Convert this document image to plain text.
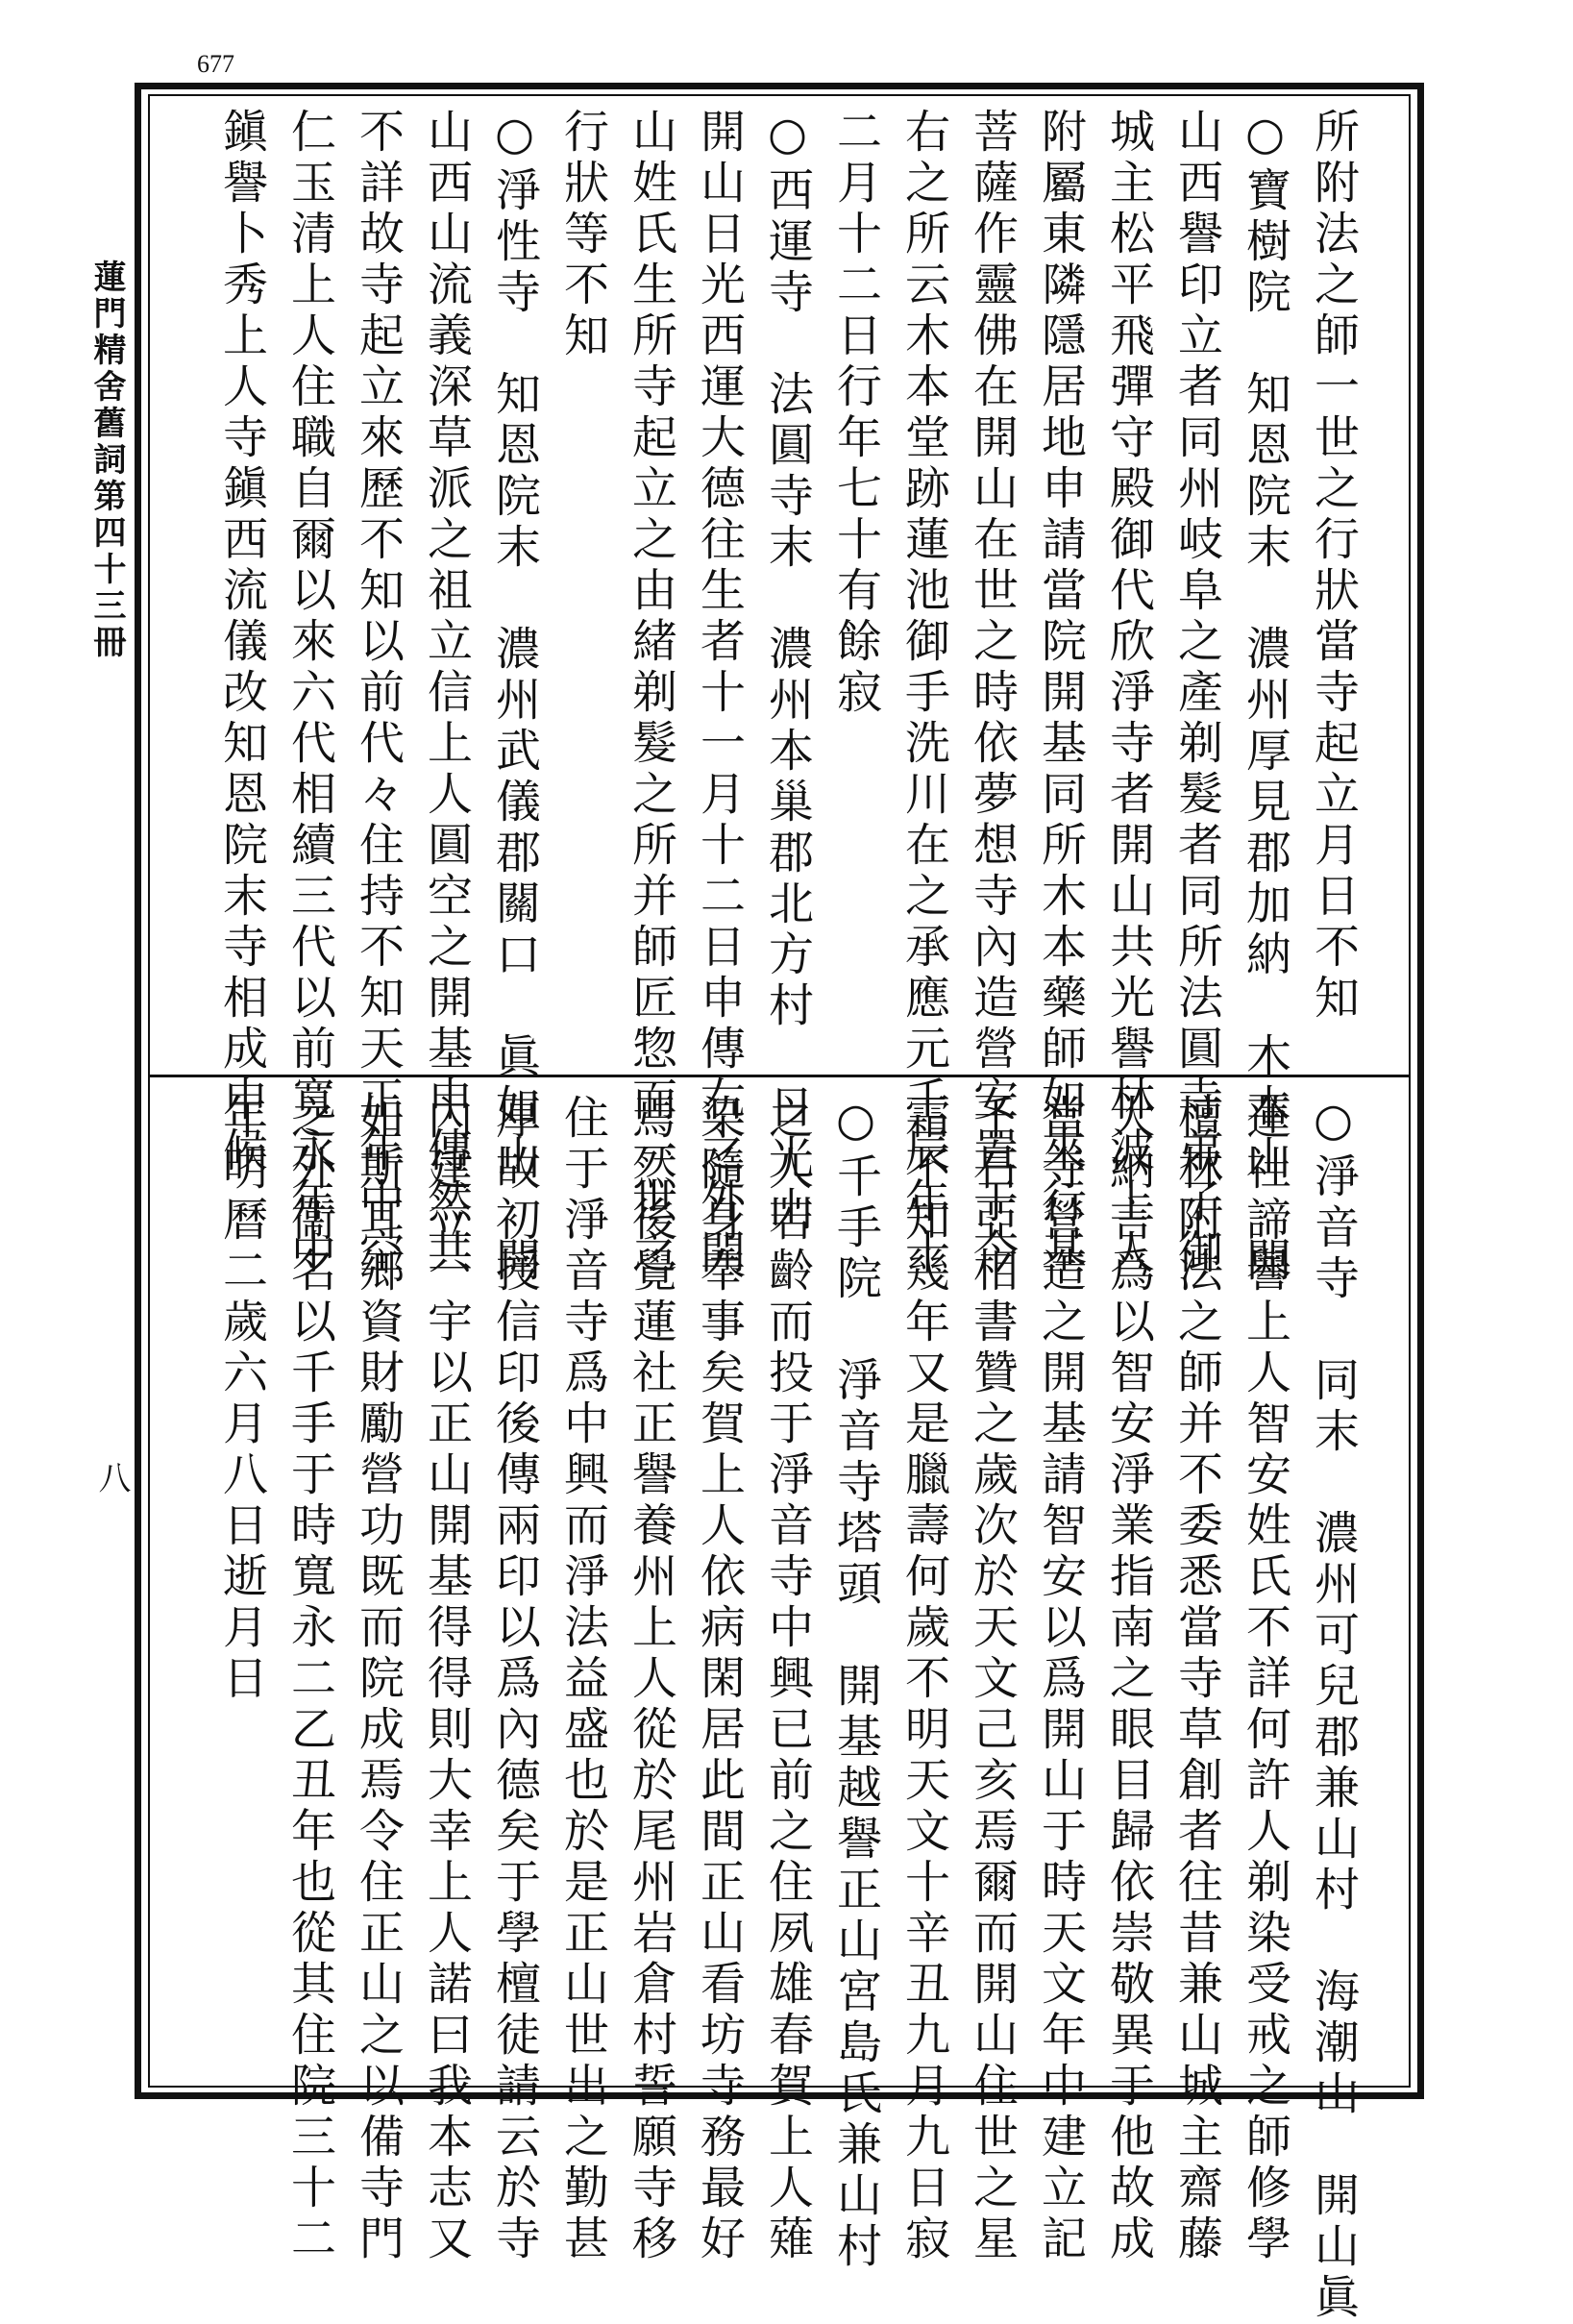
677
蓮門精舍舊詞第四十三冊
八
所附法之師一世之行狀當寺起立月日不知
○寶樹院　知恩院末　濃州厚見郡加納　木本山　開
山西譽印立者同州岐阜之產剃髮者同所法圓寺弟子御
城主松平飛彈守殿御代欣淨寺者開山共光譽林波上人
附屬東隣隱居地申請當院開基同所木本藥師如來行基
菩薩作靈佛在開山在世之時依夢想寺內造營安置于今
右之所云木本堂跡蓮池御手洗川在之承應元壬辰年十
二月十二日行年七十有餘寂
○西運寺　法圓寺末　濃州本巢郡北方村　日光山
開山日光西運大德往生者十一月十二日申傳右之外開
山姓氏生所寺起立之由緒剃髮之所并師匠惣而一世之
行狀等不知
○淨性寺　知恩院末　濃州武儀郡關口　眞如山　開
山西山流義深草派之祖立信上人圓空之開基申傳然共
不詳故寺起立來歷不知以前代々住持不知天正年中空
仁玉清上人住職自爾以來六代相續三代以前寬永年中
鎭譽卜秀上人寺鎭西流儀改知恩院末寺相成申候
○淨音寺　同末　濃州可兒郡兼山村　海潮山　開山眞
蓮社諦譽上人智安姓氏不詳何許人剃染受戒之師修學
檀林附法之師并不委悉當寺草創者往昔兼山城主齋藤
大納言爲以智安淨業指南之眼目歸依崇敬異于他故成
當寺營造之開基請智安以爲開山于時天文年中建立記
千石亞相書贊之歲次於天文己亥焉爾而開山住世之星
霜不知幾年又是臘壽何歲不明天文十辛丑九月九日寂
○千手院　淨音寺塔頭　開基越譽正山宮島氏兼山村
之人若齡而投于淨音寺中興已前之住夙雄春賀上人薙
染隨身奉事矣賀上人依病閑居此間正山看坊寺務最好
焉然後覺蓮社正譽養州上人從於尾州岩倉村誓願寺移
住于淨音寺爲中興而淨法益盛也於是正山世出之勤甚
厚故初授信印後傳兩印以爲內德矣于學檀徒請云於寺
內建立一宇以正山開基得得則大幸上人諾曰我本志又
如斯耳鄉資財勵營功既而院成焉令住正山之以備寺門
之外衞名以千手于時寬永二乙丑年也從其住院三十二
年明曆二歲六月八日逝月日
